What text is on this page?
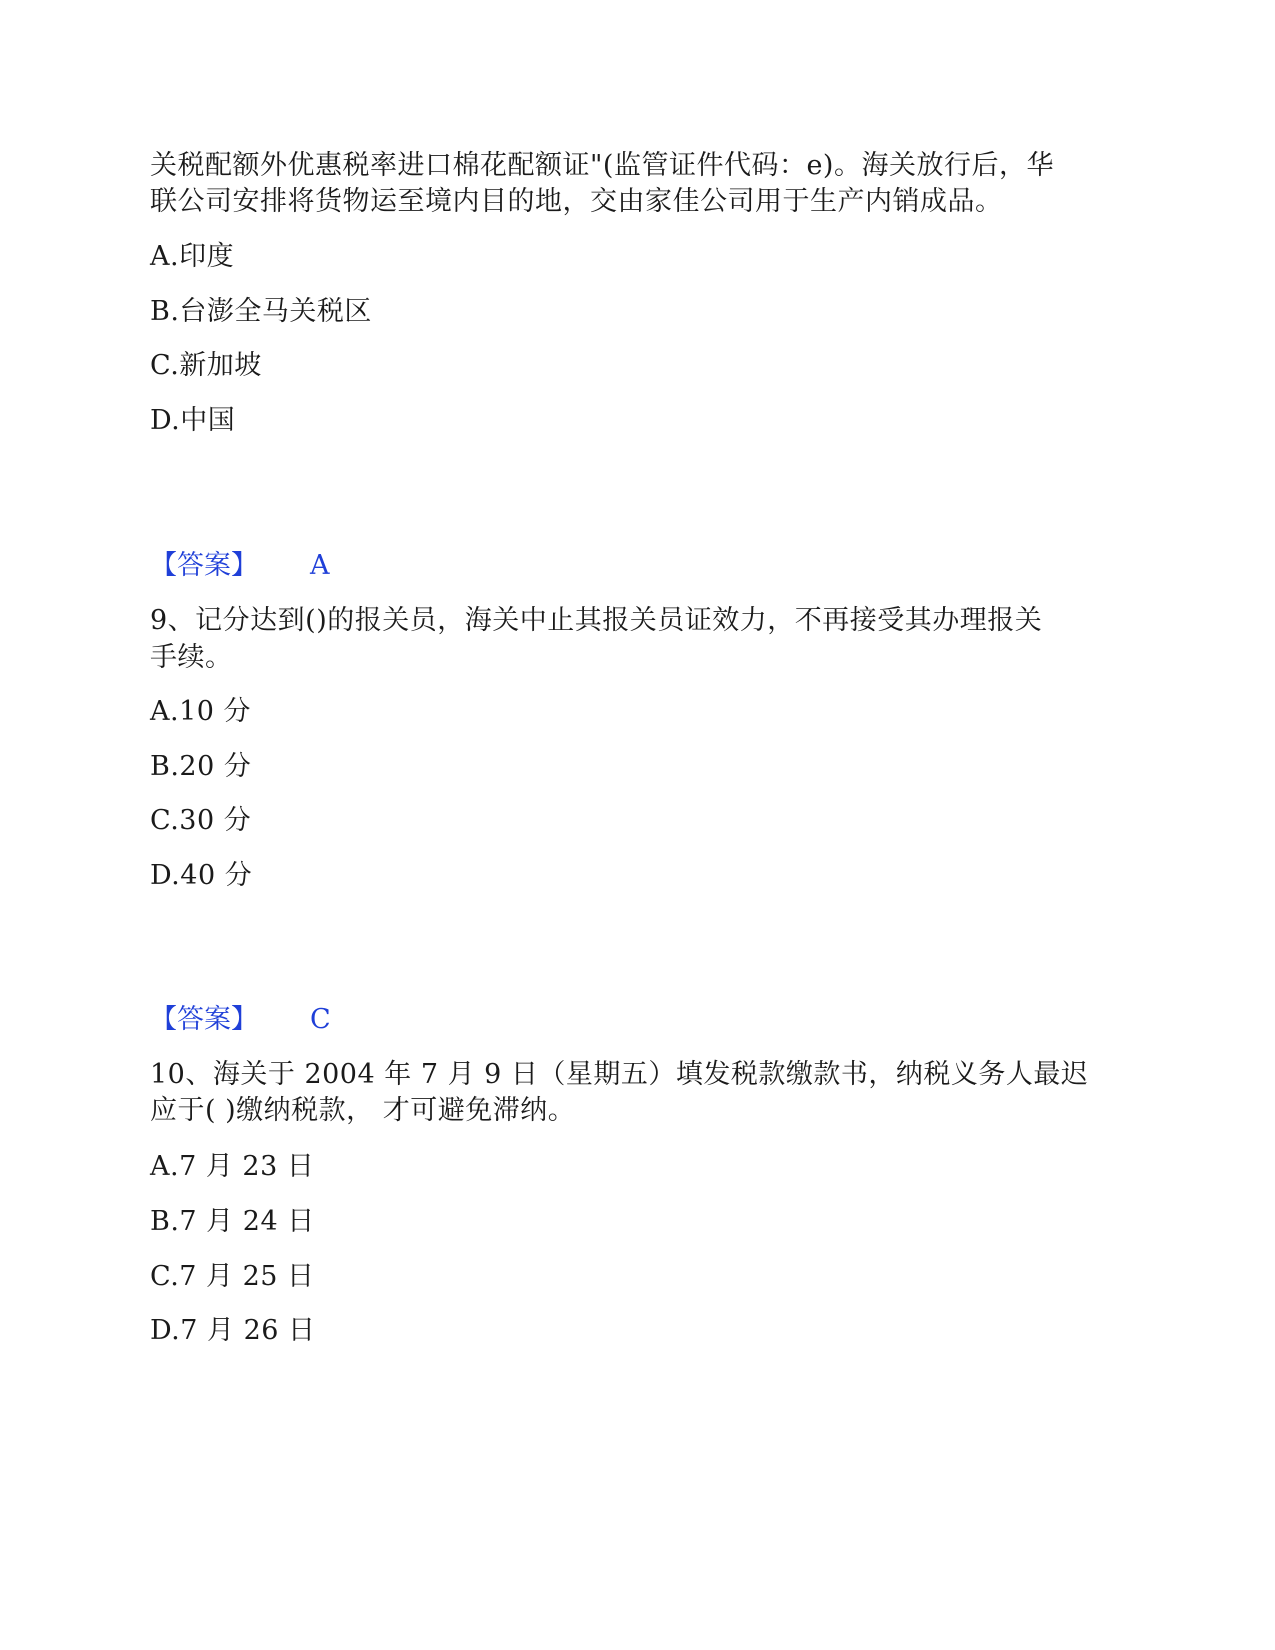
关税配额外优惠税率进口棉花配额证"(监管证件代码：e)。海关放行后，华
联公司安排将货物运至境内目的地，交由家佳公司用于生产内销成品。
A.印度
B.台澎全马关税区
C.新加坡
D.中国
【答案】 A
9、记分达到()的报关员，海关中止其报关员证效力，不再接受其办理报关
手续。
A.10 分
B.20 分
C.30 分
D.40 分
【答案】 C
10、海关于 2004 年 7 月 9 日（星期五）填发税款缴款书，纳税义务人最迟
应于( )缴纳税款， 才可避免滞纳。
A.7 月 23 日
B.7 月 24 日
C.7 月 25 日
D.7 月 26 日
